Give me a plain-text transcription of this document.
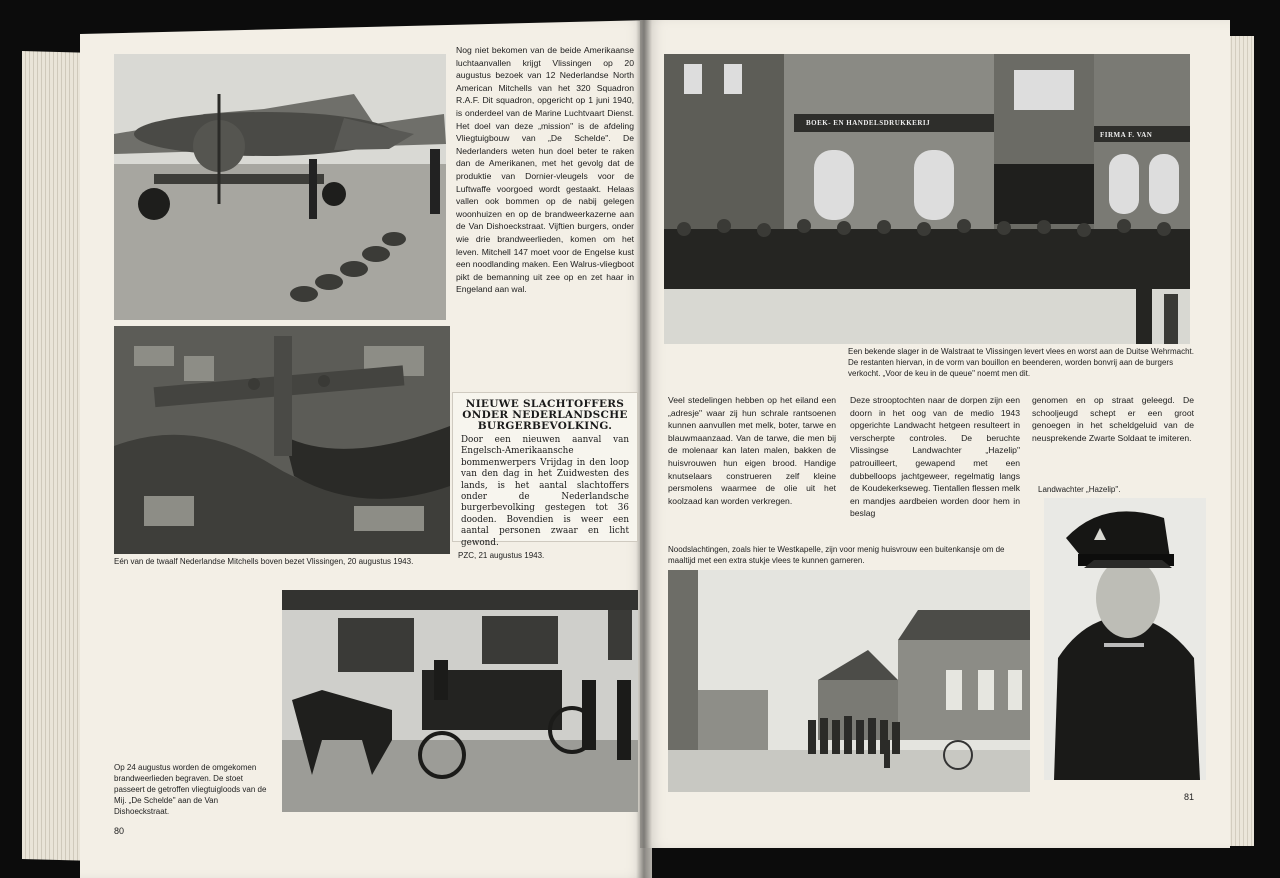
Nog niet bekomen van de beide Amerikaanse luchtaanvallen krijgt Vlissingen op 20 augustus bezoek van 12 Nederlandse North American Mitchells van het 320 Squadron R.A.F. Dit squadron, opgericht op 1 juni 1940, is onderdeel van de Marine Luchtvaart Dienst. Het doel van deze „mission" is de afdeling Vliegtuigbouw van „De Schelde". De Nederlanders weten hun doel beter te raken dan de Amerikanen, met het gevolg dat de produktie van Dornier-vleugels voor de Luftwaffe voorgoed wordt gestaakt. Helaas vallen ook bommen op de nabij gelegen woonhuizen en op de brandweerkazerne aan de Van Dishoeckstraat. Vijftien burgers, onder wie drie brandweerlieden, komen om het leven. Mitchell 147 moet voor de Engelse kust een noodlanding maken. Een Walrus-vliegboot pikt de bemanning uit zee op en zet haar in Engeland aan wal.
NIEUWE SLACHTOFFERS ONDER NEDERLANDSCHE BURGERBEVOLKING.
Door een nieuwen aanval van Engelsch-Amerikaansche bommenwerpers Vrijdag in den loop van den dag in het Zuidwesten des lands, is het aantal slachtoffers onder de Nederlandsche burgerbevolking gestegen tot 36 dooden. Bovendien is weer een aantal personen zwaar en licht gewond.
PZC, 21 augustus 1943.
Eén van de twaalf Nederlandse Mitchells boven bezet Vlissingen, 20 augustus 1943.
Op 24 augustus worden de omgekomen brandweerlieden begraven. De stoet passeert de getroffen vliegtuigloods van de Mij. „De Schelde" aan de Van Dishoeckstraat.
80
BOEK- EN HANDELSDRUKKERIJ
FIRMA F. VAN
Een bekende slager in de Walstraat te Vlissingen levert vlees en worst aan de Duitse Wehrmacht. De restanten hiervan, in de vorm van bouillon en beenderen, worden bonvrij aan de burgers verkocht. „Voor de keu in de queue" noemt men dit.
Veel stedelingen hebben op het eiland een „adresje" waar zij hun schrale rantsoenen kunnen aanvullen met melk, boter, tarwe en blauwmaanzaad. Van de tarwe, die men bij de molenaar kan laten malen, bakken de huisvrouwen hun eigen brood. Handige knutselaars construeren zelf kleine persmolens waarmee de olie uit het koolzaad kan worden verkregen.
Deze strooptochten naar de dorpen zijn een doorn in het oog van de medio 1943 opgerichte Landwacht hetgeen resulteert in verscherpte controles. De beruchte Vlissingse Landwachter „Hazelip" patrouilleert, gewapend met een dubbelloops jachtgeweer, regelmatig langs de Koudekerkseweg. Tientallen flessen melk en mandjes aardbeien worden door hem in beslag
genomen en op straat geleegd. De schooljeugd schept er een groot genoegen in het scheldgeluid van de neusprekende Zwarte Soldaat te imiteren.
Landwachter „Hazelip".
Noodslachtingen, zoals hier te Westkapelle, zijn voor menig huisvrouw een buitenkansje om de maaltijd met een extra stukje vlees te kunnen garneren.
81
